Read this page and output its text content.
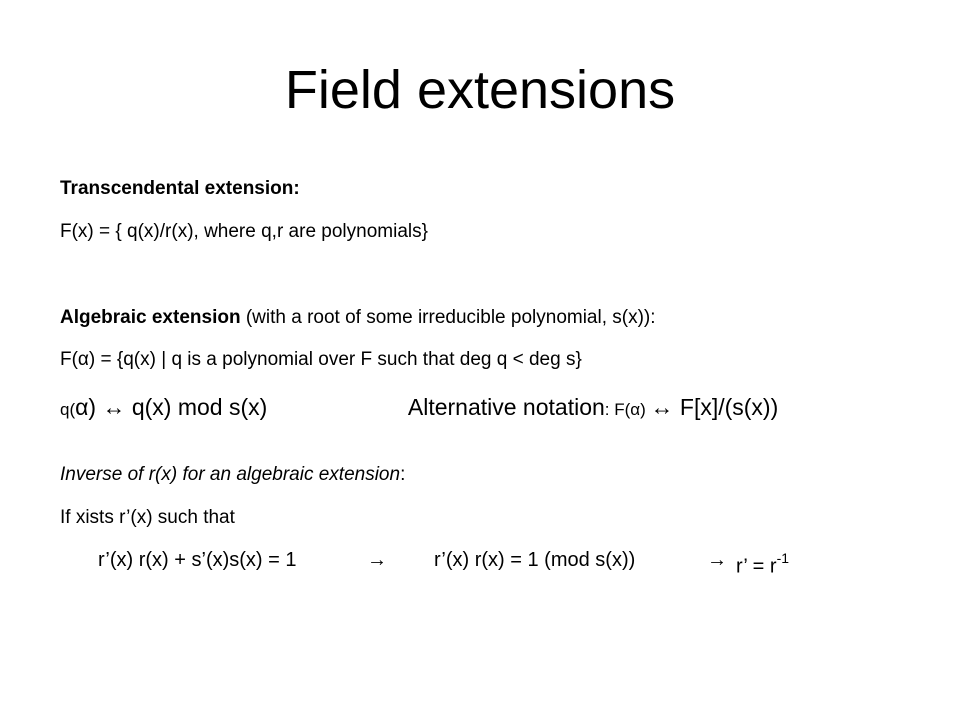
Field extensions
Transcendental extension:
F(x) = { q(x)/r(x), where q,r are polynomials}
Algebraic extension (with a root of some irreducible polynomial, s(x)):
F(α) = {q(x) | q is a polynomial over F such that deg q < deg s}
q(α) ↔ q(x) mod s(x)	Alternative notation: F(α) ↔ F[x]/(s(x))
Inverse of r(x) for an algebraic extension:
If xists r’(x) such that
r’(x) r(x) + s’(x)s(x) = 1	→ r’(x) r(x) = 1 (mod s(x))	→ r’ = $r^{-1}$
